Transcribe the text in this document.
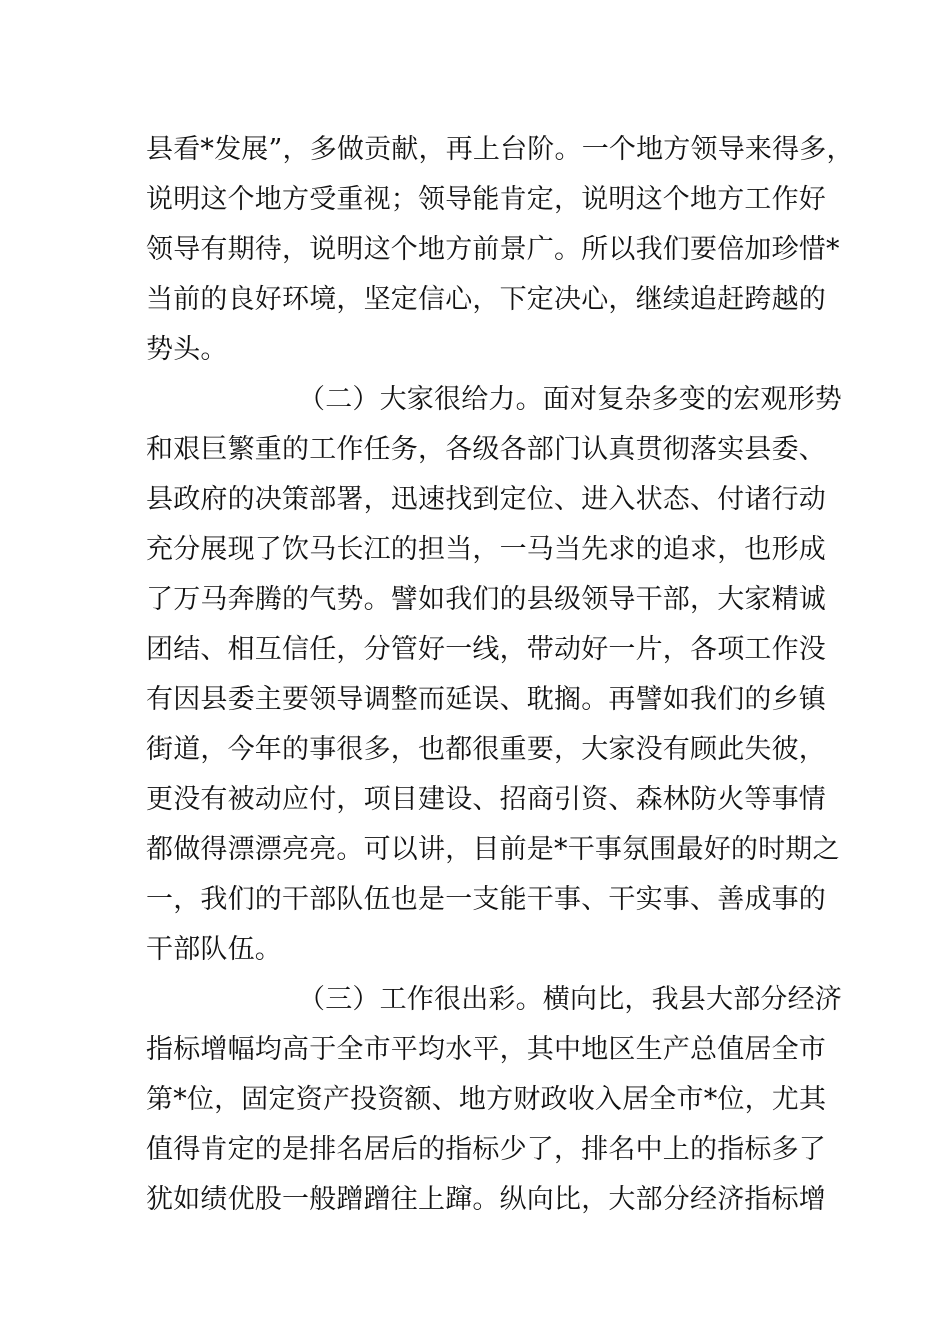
县看*发展”，多做贡献，再上台阶。一个地方领导来得多，
说明这个地方受重视；领导能肯定，说明这个地方工作好
领导有期待，说明这个地方前景广。所以我们要倍加珍惜*
当前的良好环境，坚定信心，下定决心，继续追赶跨越的
势头。
（二）大家很给力。面对复杂多变的宏观形势
和艰巨繁重的工作任务，各级各部门认真贯彻落实县委、
县政府的决策部署，迅速找到定位、进入状态、付诸行动
充分展现了饮马长江的担当，一马当先求的追求，也形成
了万马奔腾的气势。譬如我们的县级领导干部，大家精诚
团结、相互信任，分管好一线，带动好一片，各项工作没
有因县委主要领导调整而延误、耽搁。再譬如我们的乡镇
街道，今年的事很多，也都很重要，大家没有顾此失彼，
更没有被动应付，项目建设、招商引资、森林防火等事情
都做得漂漂亮亮。可以讲，目前是*干事氛围最好的时期之
一，我们的干部队伍也是一支能干事、干实事、善成事的
干部队伍。
（三）工作很出彩。横向比，我县大部分经济
指标增幅均高于全市平均水平，其中地区生产总值居全市
第*位，固定资产投资额、地方财政收入居全市*位，尤其
值得肯定的是排名居后的指标少了，排名中上的指标多了
犹如绩优股一般蹭蹭往上蹿。纵向比，大部分经济指标增
